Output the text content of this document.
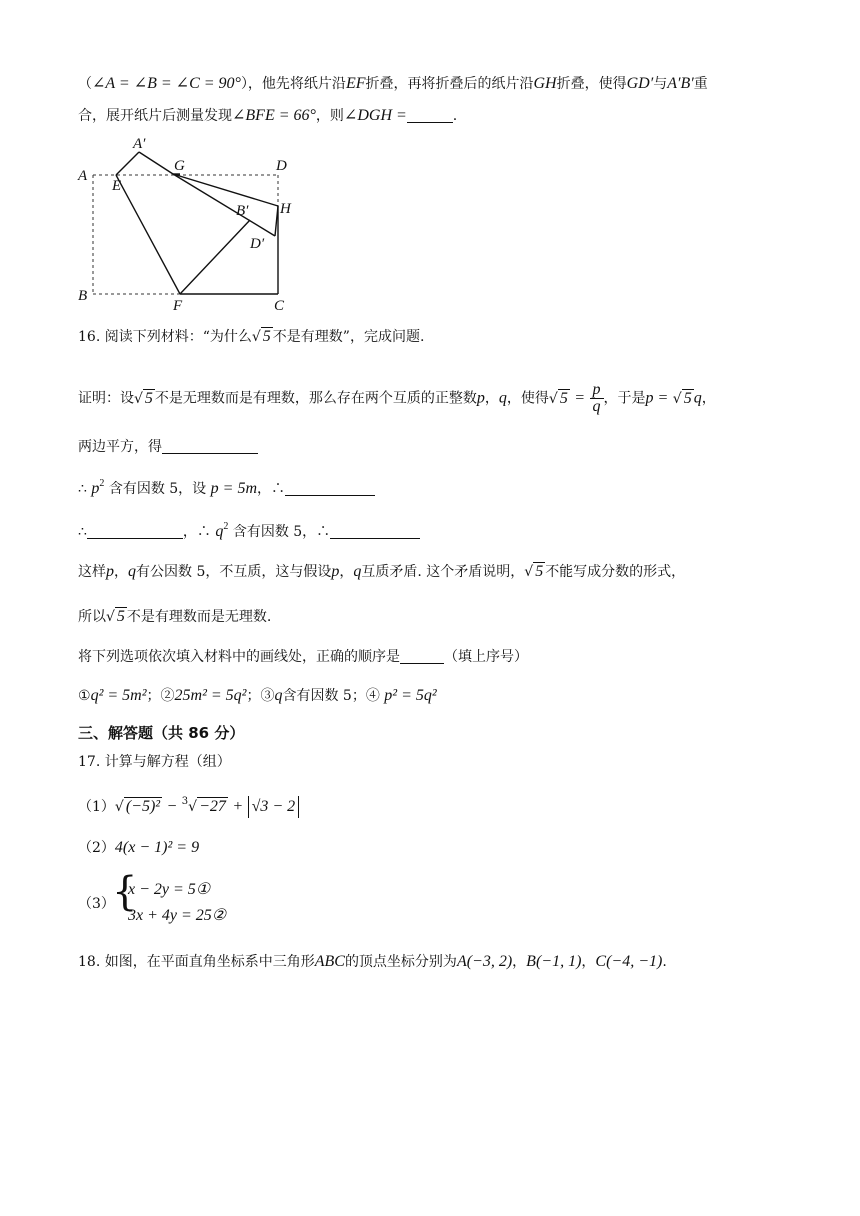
（∠A = ∠B = ∠C = 90°），他先将纸片沿EF折叠，再将折叠后的纸片沿GH折叠，使得GD′与A′B′重
合，展开纸片后测量发现∠BFE = 66°，则∠DGH =	.
A
A′
G	D
E
B′ H
D′
B
F	C
16. 阅读下列材料：“为什么√ 5 不是有理数”，完成问题.
证明：设√ 5 不是无理数而是有理数，那么存在两个互质的正整数p，q，使得√ $5 = \frac{p}{q}$ ，于是p = √ 5 q，
两边平方，得
∴ $p^2$ 含有因数 5，设 p = 5m，∴
∴	，∴ $q^2$ 含有因数 5，∴
这样p，q有公因数 5，不互质，这与假设p，q互质矛盾. 这个矛盾说明，√ 5 不能写成分数的形式，
所以√ 5 不是有理数而是无理数.
将下列选项依次填入材料中的画线处，正确的顺序是	（填上序号）
①q² = 5m²；②25m² = 5q²；③q含有因数 5；④ p² = 5q²
三、解答题（共 86 分）
17. 计算与解方程（组）
（1）√ (−5)² − $^3$√ −27 + √3 − 2
（2）4(x − 1)² = 9
（3）
{
x − 2y = 5①
3x + 4y = 25②
18. 如图，在平面直角坐标系中三角形ABC的顶点坐标分别为A(−3, 2)，B(−1, 1)，C(−4, −1).
